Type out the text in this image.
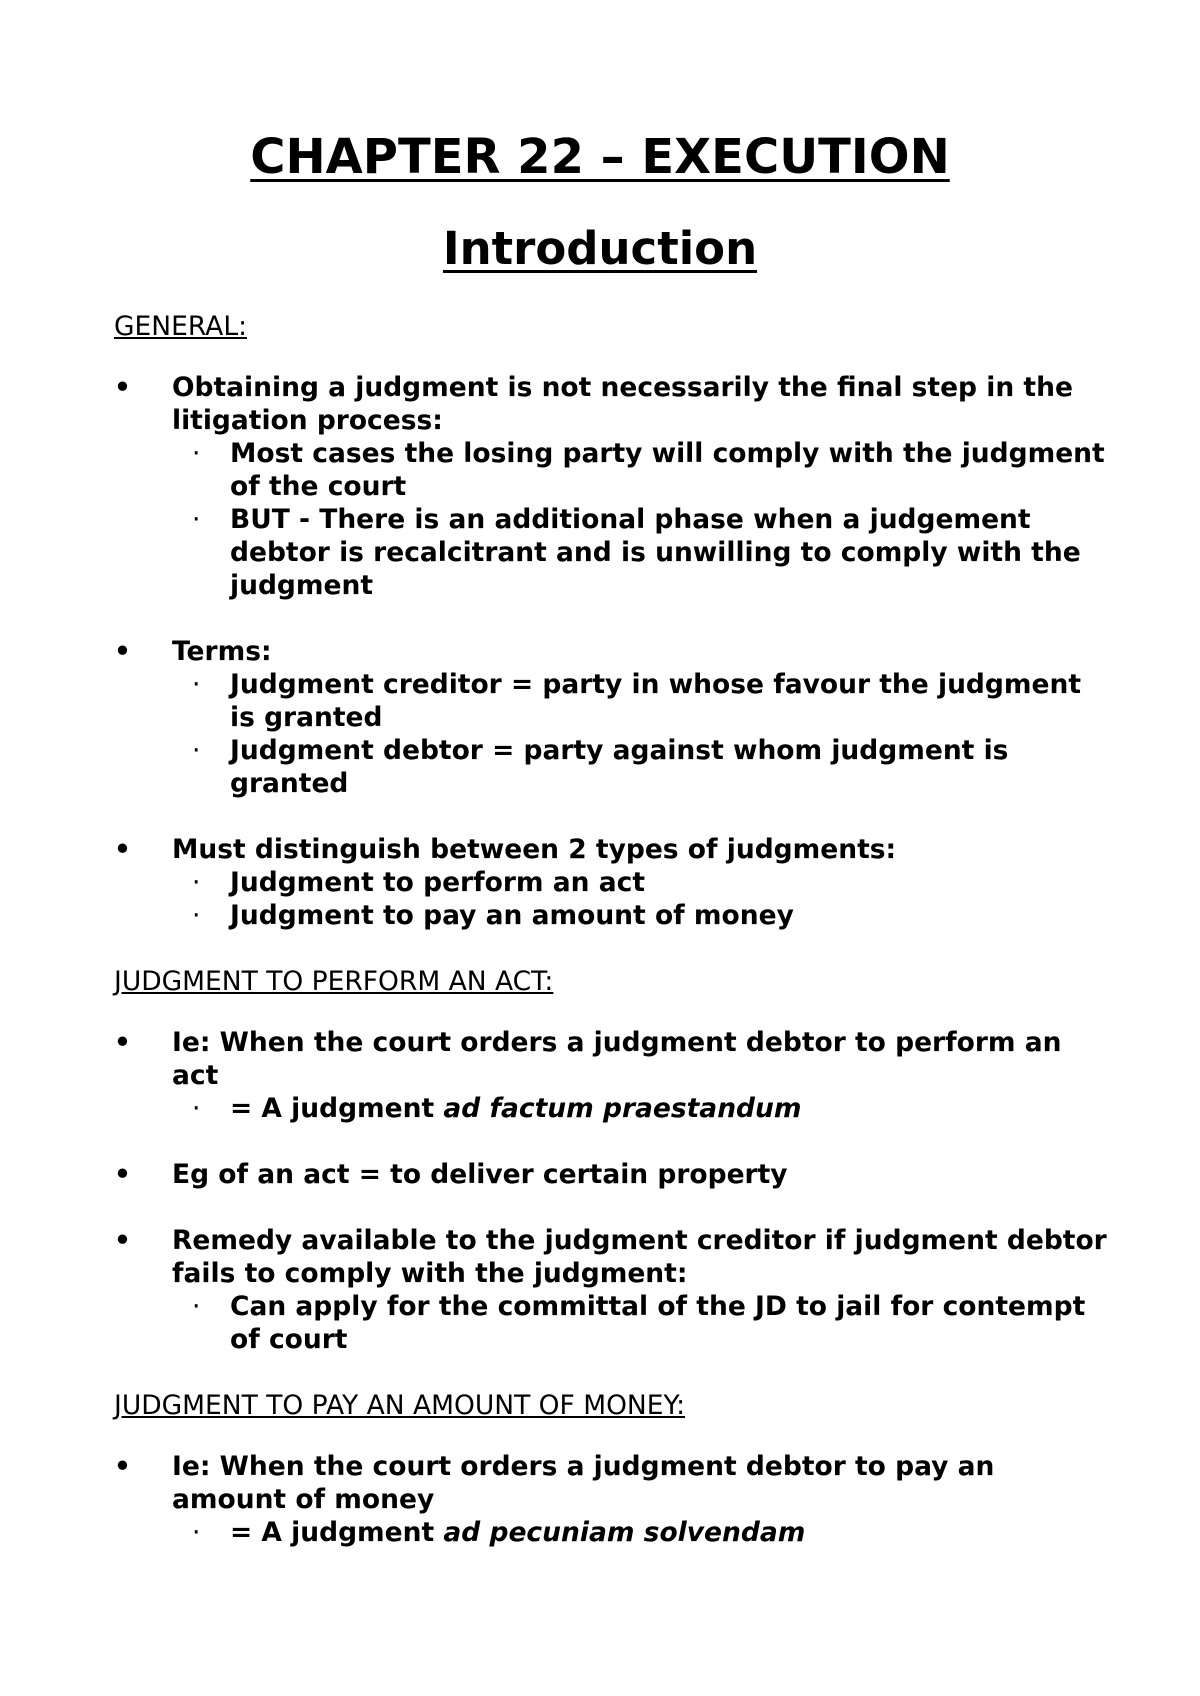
CHAPTER 22 – EXECUTION
Introduction
GENERAL:
• Obtaining a judgment is not necessarily the final step in the litigation process:
· Most cases the losing party will comply with the judgment of the court
· BUT - There is an additional phase when a judgement debtor is recalcitrant and is unwilling to comply with the judgment
• Terms:
· Judgment creditor = party in whose favour the judgment is granted
· Judgment debtor = party against whom judgment is granted
• Must distinguish between 2 types of judgments:
· Judgment to perform an act
· Judgment to pay an amount of money
JUDGMENT TO PERFORM AN ACT:
• Ie: When the court orders a judgment debtor to perform an act
· = A judgment ad factum praestandum
• Eg of an act = to deliver certain property
• Remedy available to the judgment creditor if judgment debtor fails to comply with the judgment:
· Can apply for the committal of the JD to jail for contempt of court
JUDGMENT TO PAY AN AMOUNT OF MONEY:
• Ie: When the court orders a judgment debtor to pay an amount of money
· = A judgment ad pecuniam solvendam
